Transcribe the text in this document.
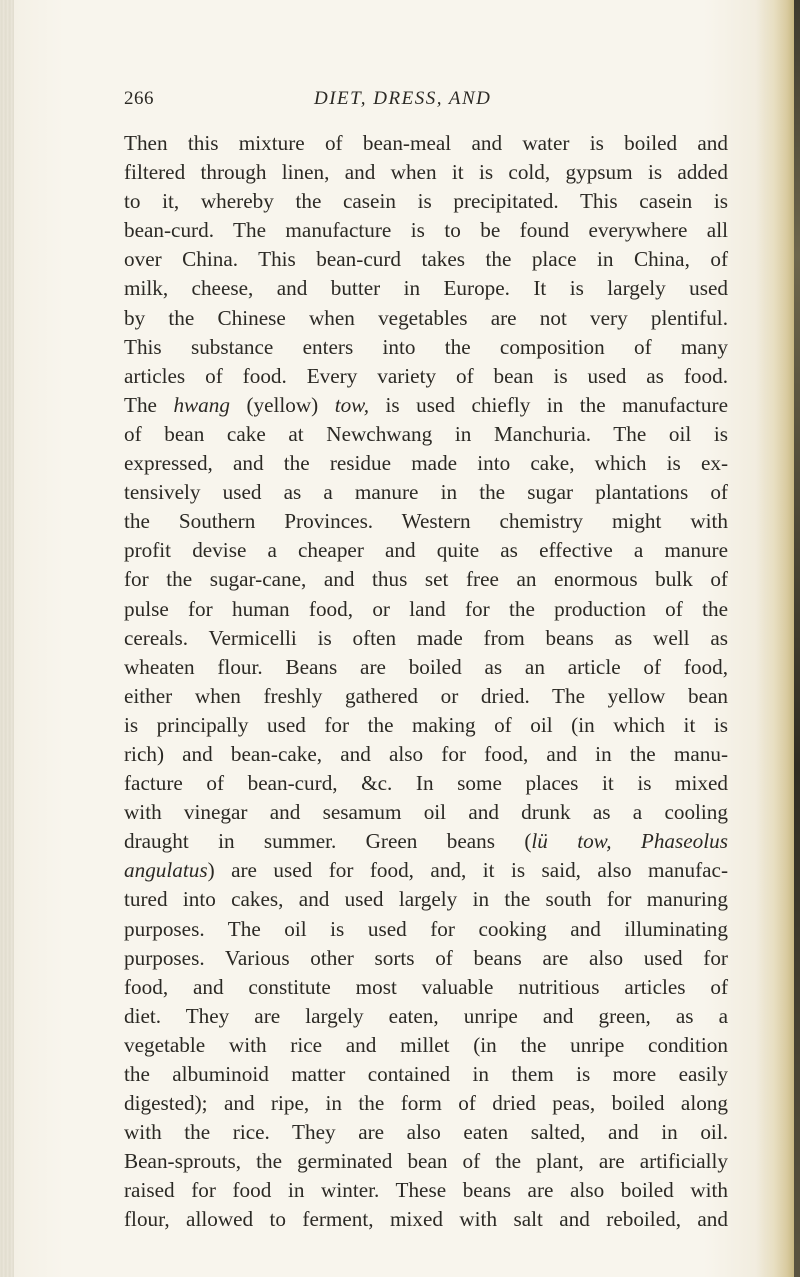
266	DIET, DRESS, AND
Then this mixture of bean-meal and water is boiled and
filtered through linen, and when it is cold, gypsum is added
to it, whereby the casein is precipitated. This casein is
bean-curd. The manufacture is to be found everywhere all
over China. This bean-curd takes the place in China, of
milk, cheese, and butter in Europe. It is largely used
by the Chinese when vegetables are not very plentiful.
This substance enters into the composition of many
articles of food. Every variety of bean is used as food.
The hwang (yellow) tow, is used chiefly in the manufacture
of bean cake at Newchwang in Manchuria. The oil is
expressed, and the residue made into cake, which is ex-
tensively used as a manure in the sugar plantations of
the Southern Provinces. Western chemistry might with
profit devise a cheaper and quite as effective a manure
for the sugar-cane, and thus set free an enormous bulk of
pulse for human food, or land for the production of the
cereals. Vermicelli is often made from beans as well as
wheaten flour. Beans are boiled as an article of food,
either when freshly gathered or dried. The yellow bean
is principally used for the making of oil (in which it is
rich) and bean-cake, and also for food, and in the manu-
facture of bean-curd, &c. In some places it is mixed
with vinegar and sesamum oil and drunk as a cooling
draught in summer. Green beans (lü tow, Phaseolus
angulatus) are used for food, and, it is said, also manufac-
tured into cakes, and used largely in the south for manuring
purposes. The oil is used for cooking and illuminating
purposes. Various other sorts of beans are also used for
food, and constitute most valuable nutritious articles of
diet. They are largely eaten, unripe and green, as a
vegetable with rice and millet (in the unripe condition
the albuminoid matter contained in them is more easily
digested); and ripe, in the form of dried peas, boiled along
with the rice. They are also eaten salted, and in oil.
Bean-sprouts, the germinated bean of the plant, are artificially
raised for food in winter. These beans are also boiled with
flour, allowed to ferment, mixed with salt and reboiled, and
